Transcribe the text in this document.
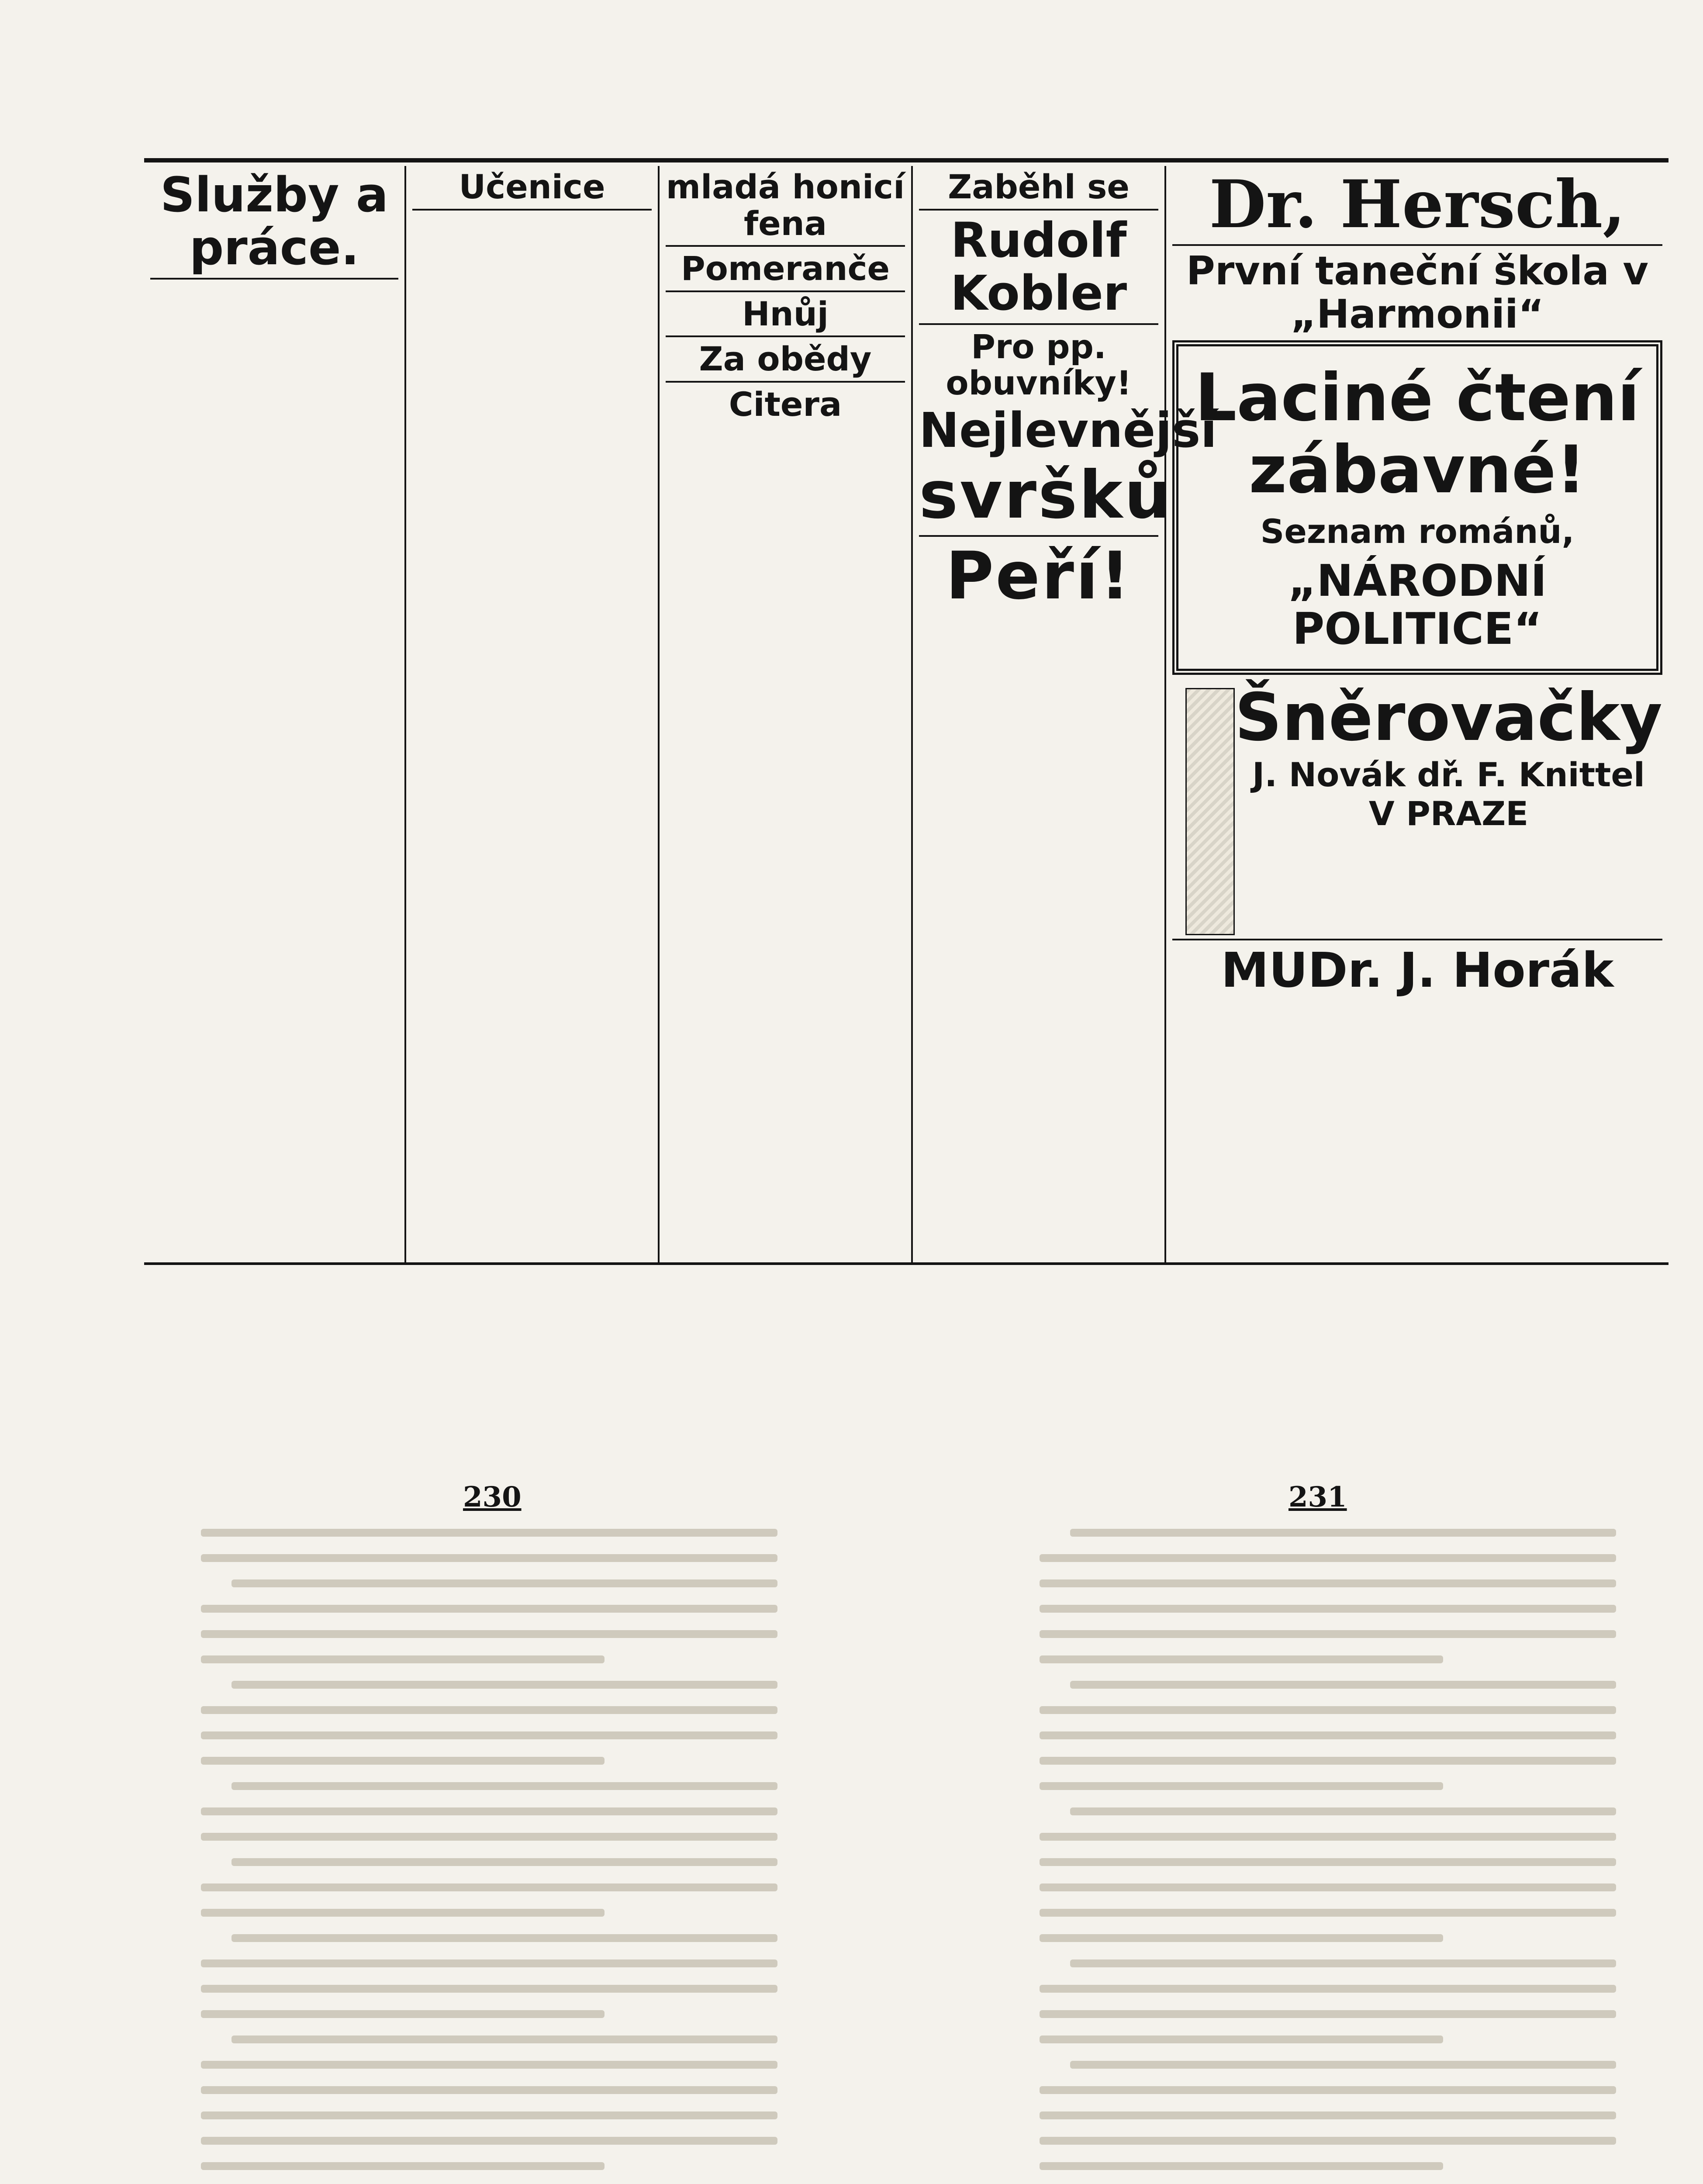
Služby a práce.
Učenice	mladá honicí fena
Pomeranče
Hnůj
Za obědy
Citera
Zaběhl se
Rudolf Kobler
Pro pp. obuvníky!
Nejlevnější
svršků
Peří!
Dr. Hersch,
První taneční škola v „Harmonii“
Laciné čtení zábavné!
Seznam románů,
„NÁRODNÍ POLITICE“
Šněrovačky
J. Novák dř. F. Knittel
V PRAZE
MUDr. J. Horák
230	231
